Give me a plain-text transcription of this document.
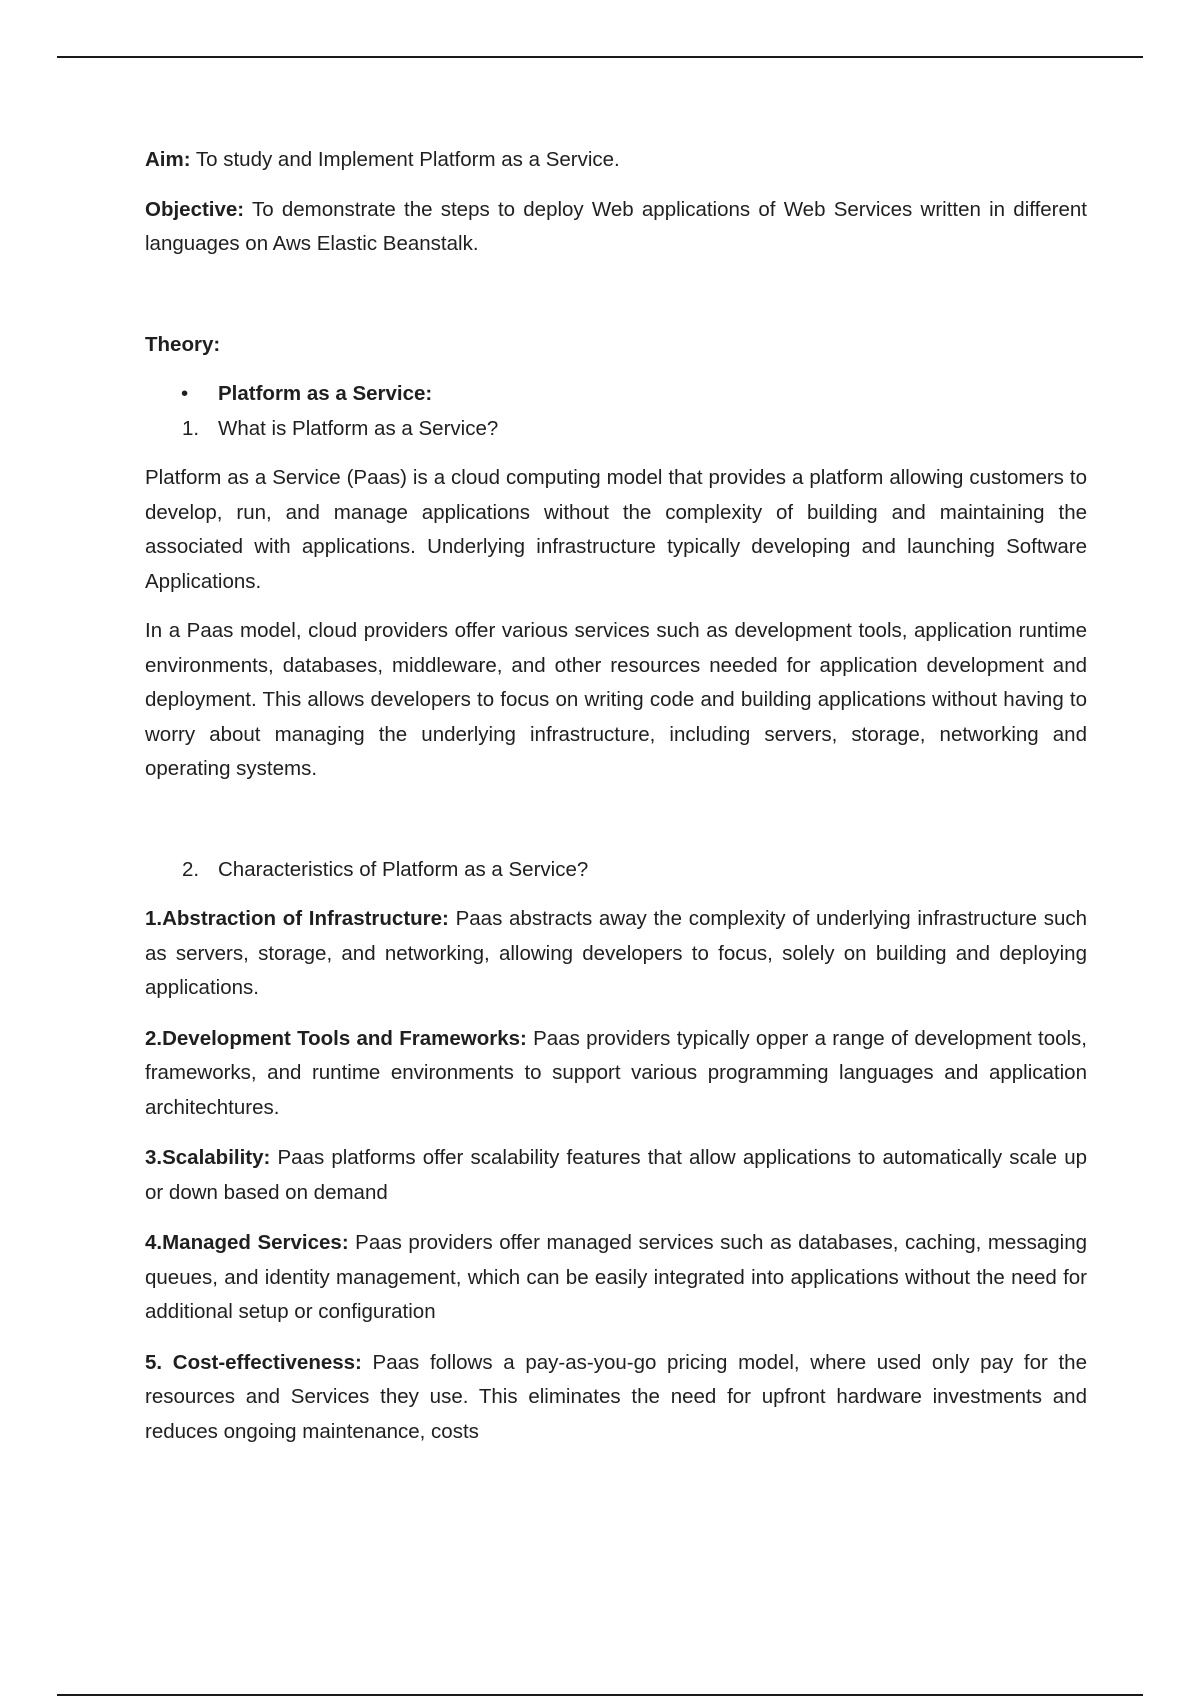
Aim: To study and Implement Platform as a Service.

Objective: To demonstrate the steps to deploy Web applications of Web Services written in different languages on Aws Elastic Beanstalk.

Theory:

• Platform as a Service:

1. What is Platform as a Service?

Platform as a Service (Paas) is a cloud computing model that provides a platform allowing customers to develop, run, and manage applications without the complexity of building and maintaining the associated with applications. Underlying infrastructure typically developing and launching Software Applications.

In a Paas model, cloud providers offer various services such as development tools, application runtime environments, databases, middleware, and other resources needed for application development and deployment. This allows developers to focus on writing code and building applications without having to worry about managing the underlying infrastructure, including servers, storage, networking and operating systems.

2. Characteristics of Platform as a Service?

1.Abstraction of Infrastructure: Paas abstracts away the complexity of underlying infrastructure such as servers, storage, and networking, allowing developers to focus, solely on building and deploying applications.

2.Development Tools and Frameworks: Paas providers typically opper a range of development tools, frameworks, and runtime environments to support various programming languages and application architechtures.

3.Scalability: Paas platforms offer scalability features that allow applications to automatically scale up or down based on demand

4.Managed Services: Paas providers offer managed services such as databases, caching, messaging queues, and identity management, which can be easily integrated into applications without the need for additional setup or configuration

5. Cost-effectiveness: Paas follows a pay-as-you-go pricing model, where used only pay for the resources and Services they use. This eliminates the need for upfront hardware investments and reduces ongoing maintenance, costs
